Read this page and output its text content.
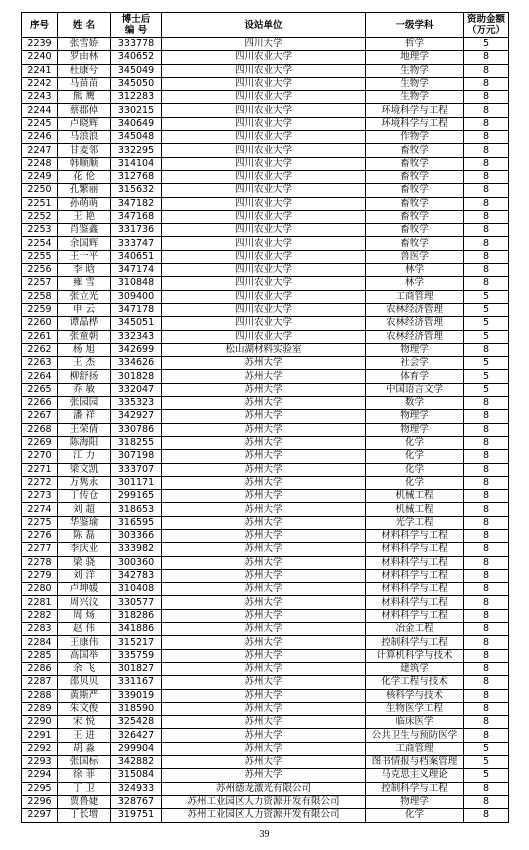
序号	姓 名	博士后
编 号	设站单位	一级学科	资助金额
（万元）
2239	张雪娇	333778	四川大学	哲学	5
2240	罗由林	340652	四川农业大学	地理学	8
2241	杜康兮	345049	四川农业大学	生物学	8
2242	马苗苗	345050	四川农业大学	生物学	8
2243	熊 鹰	312283	四川农业大学	生物学	8
2244	蔡郡倬	330215	四川农业大学	环境科学与工程	8
2245	卢晓辉	340649	四川农业大学	环境科学与工程	8
2246	马浪浪	345048	四川农业大学	作物学	8
2247	甘麦邻	332295	四川农业大学	畜牧学	8
2248	韩顺顺	314104	四川农业大学	畜牧学	8
2249	花 伦	312768	四川农业大学	畜牧学	8
2250	孔繁丽	315632	四川农业大学	畜牧学	8
2251	孙萌萌	347182	四川农业大学	畜牧学	8
2252	王 艳	347168	四川农业大学	畜牧学	8
2253	肖鉴鑫	331736	四川农业大学	畜牧学	8
2254	余国辉	333747	四川农业大学	畜牧学	8
2255	王一平	340651	四川农业大学	兽医学	8
2256	李 晗	347174	四川农业大学	林学	8
2257	雍 雪	310848	四川农业大学	林学	8
2258	张立光	309400	四川农业大学	工商管理	5
2259	申 云	347178	四川农业大学	农林经济管理	5
2260	谭晶桦	345051	四川农业大学	农林经济管理	5
2261	张童朝	332343	四川农业大学	农林经济管理	5
2262	杨 旭	342699	松山湖材料实验室	物理学	8
2263	王 杰	334626	苏州大学	社会学	5
2264	柳舒扬	301828	苏州大学	体育学	5
2265	乔 敏	332047	苏州大学	中国语言文学	5
2266	张园园	335323	苏州大学	数学	8
2267	潘 祥	342927	苏州大学	物理学	8
2268	王荣倩	330786	苏州大学	物理学	8
2269	陈海阳	318255	苏州大学	化学	8
2270	江 力	307198	苏州大学	化学	8
2271	梁文凯	333707	苏州大学	化学	8
2272	万隽永	301171	苏州大学	化学	8
2273	丁传仓	299165	苏州大学	机械工程	8
2274	刘 超	318653	苏州大学	机械工程	8
2275	华鉴瑜	316595	苏州大学	光学工程	8
2276	陈 磊	303366	苏州大学	材料科学与工程	8
2277	李庆业	333982	苏州大学	材料科学与工程	8
2278	梁 骁	300360	苏州大学	材料科学与工程	8
2279	刘 洋	342783	苏州大学	材料科学与工程	8
2280	卢坤媛	310408	苏州大学	材料科学与工程	8
2281	周兴汶	330577	苏州大学	材料科学与工程	8
2282	周 炀	318286	苏州大学	材料科学与工程	8
2283	赵 伟	341886	苏州大学	冶金工程	8
2284	王康伟	315217	苏州大学	控制科学与工程	8
2285	高国举	335759	苏州大学	计算机科学与技术	8
2286	余 飞	301827	苏州大学	建筑学	8
2287	邵贝贝	331167	苏州大学	化学工程与技术	8
2288	黄斯严	339019	苏州大学	核科学与技术	8
2289	朱文俊	318590	苏州大学	生物医学工程	8
2290	宋 悦	325428	苏州大学	临床医学	8
2291	王 进	326427	苏州大学	公共卫生与预防医学	8
2292	胡 淼	299904	苏州大学	工商管理	5
2293	张国标	342882	苏州大学	图书情报与档案管理	5
2294	徐 菲	315084	苏州大学	马克思主义理论	5
2295	丁 卫	324933	苏州德龙激光有限公司	控制科学与工程	8
2296	贾鲁婕	328767	苏州工业园区人力资源开发有限公司	物理学	8
2297	丁长增	319751	苏州工业园区人力资源开发有限公司	化学	8
39
